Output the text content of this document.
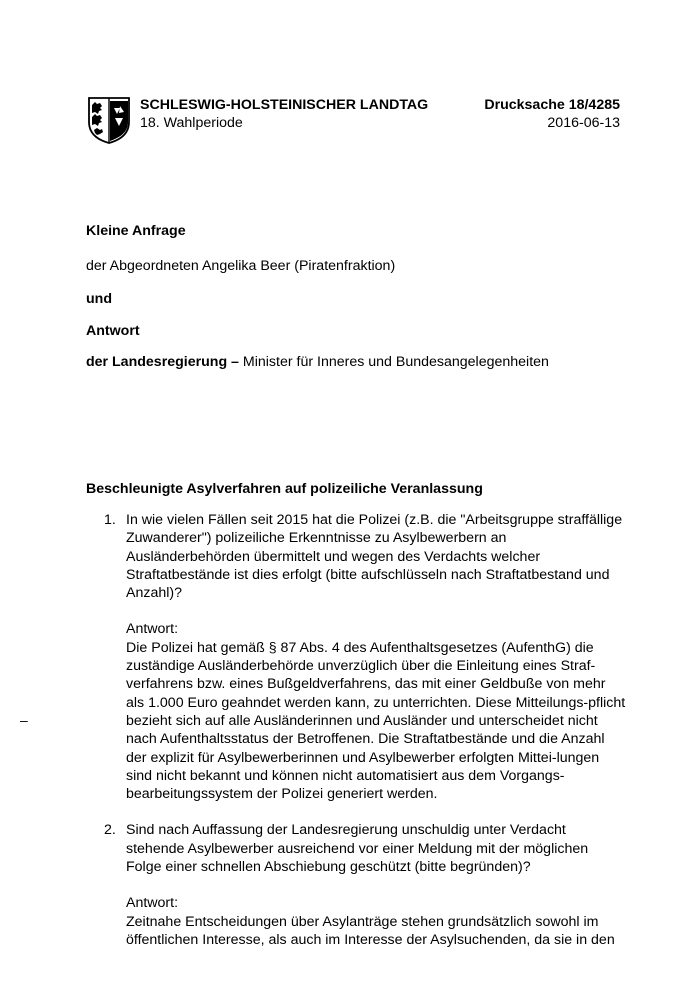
SCHLESWIG-HOLSTEINISCHER LANDTAG
18. Wahlperiode
Drucksache 18/4285
2016-06-13
Kleine Anfrage
der Abgeordneten Angelika Beer (Piratenfraktion)
und
Antwort
der Landesregierung – Minister für Inneres und Bundesangelegenheiten
Beschleunigte Asylverfahren auf polizeiliche Veranlassung
–
1. In wie vielen Fällen seit 2015 hat die Polizei (z.B. die "Arbeitsgruppe straffällige Zuwanderer") polizeiliche Erkenntnisse zu Asylbewerbern an Ausländerbehörden übermittelt und wegen des Verdachts welcher Straftatbestände ist dies erfolgt (bitte aufschlüsseln nach Straftatbestand und Anzahl)?

Antwort:

Die Polizei hat gemäß § 87 Abs. 4 des Aufenthaltsgesetzes (AufenthG) die zuständige Ausländerbehörde unverzüglich über die Einleitung eines Straf-verfahrens bzw. eines Bußgeldverfahrens, das mit einer Geldbuße von mehr als 1.000 Euro geahndet werden kann, zu unterrichten. Diese Mitteilungs-pflicht bezieht sich auf alle Ausländerinnen und Ausländer und unterscheidet nicht nach Aufenthaltsstatus der Betroffenen. Die Straftatbestände und die Anzahl der explizit für Asylbewerberinnen und Asylbewerber erfolgten Mittei-lungen sind nicht bekannt und können nicht automatisiert aus dem Vorgangs-bearbeitungssystem der Polizei generiert werden.

2. Sind nach Auffassung der Landesregierung unschuldig unter Verdacht stehende Asylbewerber ausreichend vor einer Meldung mit der möglichen Folge einer schnellen Abschiebung geschützt (bitte begründen)?

Antwort:

Zeitnahe Entscheidungen über Asylanträge stehen grundsätzlich sowohl im öffentlichen Interesse, als auch im Interesse der Asylsuchenden, da sie in den
